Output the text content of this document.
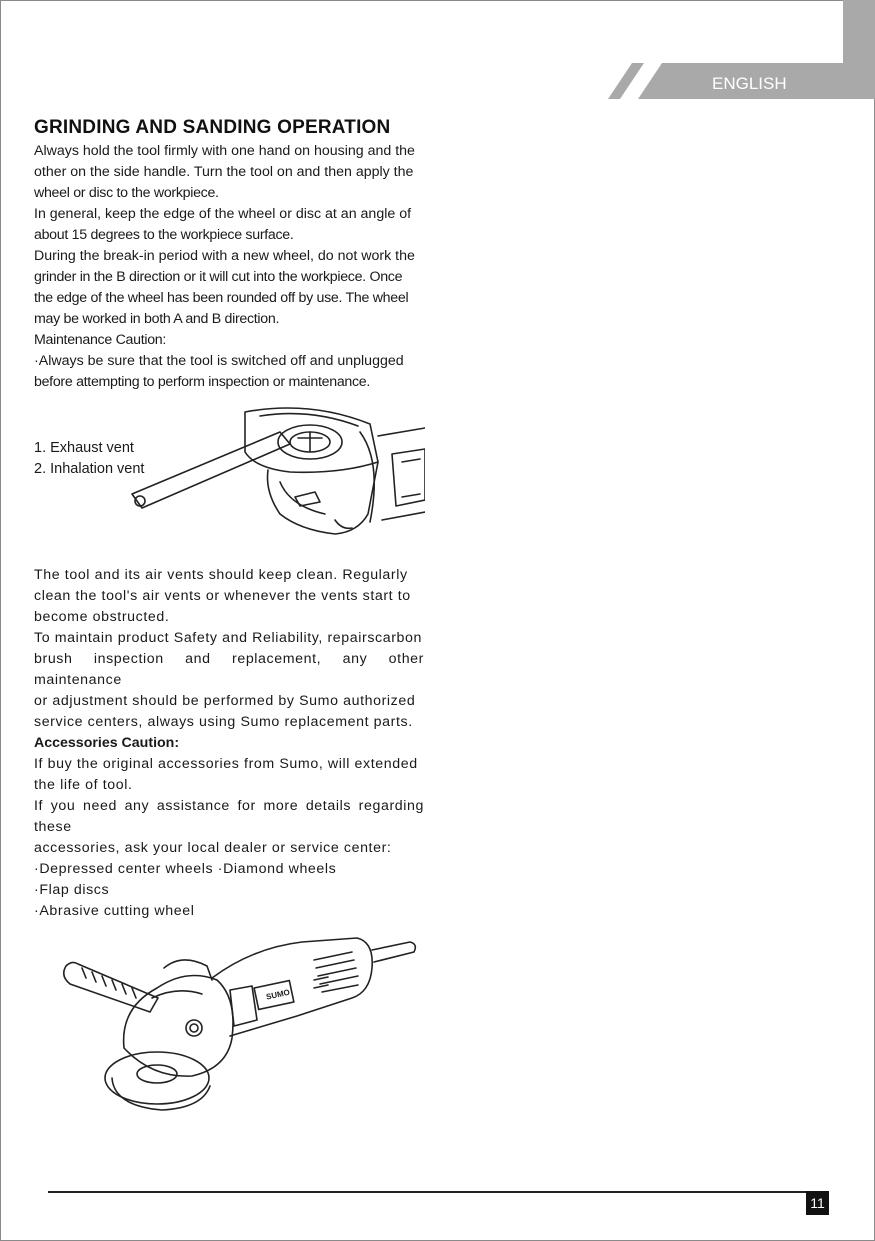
ENGLISH
GRINDING AND SANDING OPERATION

Always hold the tool firmly with one hand on housing and the

other on the side handle. Turn the tool on and then apply the

wheel or disc to the workpiece.

In general, keep the edge of the wheel or disc at an angle of

about 15 degrees to the workpiece surface.

During the break-in period with a new wheel, do not work the

grinder in the B direction or it will cut into the workpiece. Once

the edge of the wheel has been rounded off by use. The wheel

may be worked in both A and B direction.

Maintenance Caution:

·Always be sure that the tool is switched off and unplugged

before attempting to perform inspection or maintenance.

1. Exhaust vent
2. Inhalation vent

The tool and its air vents should keep clean. Regularly

clean the tool's air vents or whenever the vents start to

become obstructed.

To maintain product Safety and Reliability, repairscarbon

brush inspection and replacement, any other maintenance

or adjustment should be performed by Sumo authorized

service centers, always using Sumo replacement parts.

Accessories Caution:

If buy the original accessories from Sumo, will extended

the life of tool.

If you need any assistance for more details regarding these

accessories, ask your local dealer or service center:

·Depressed center wheels ·Diamond wheels

·Flap discs

·Abrasive cutting wheel

SUMO
11
